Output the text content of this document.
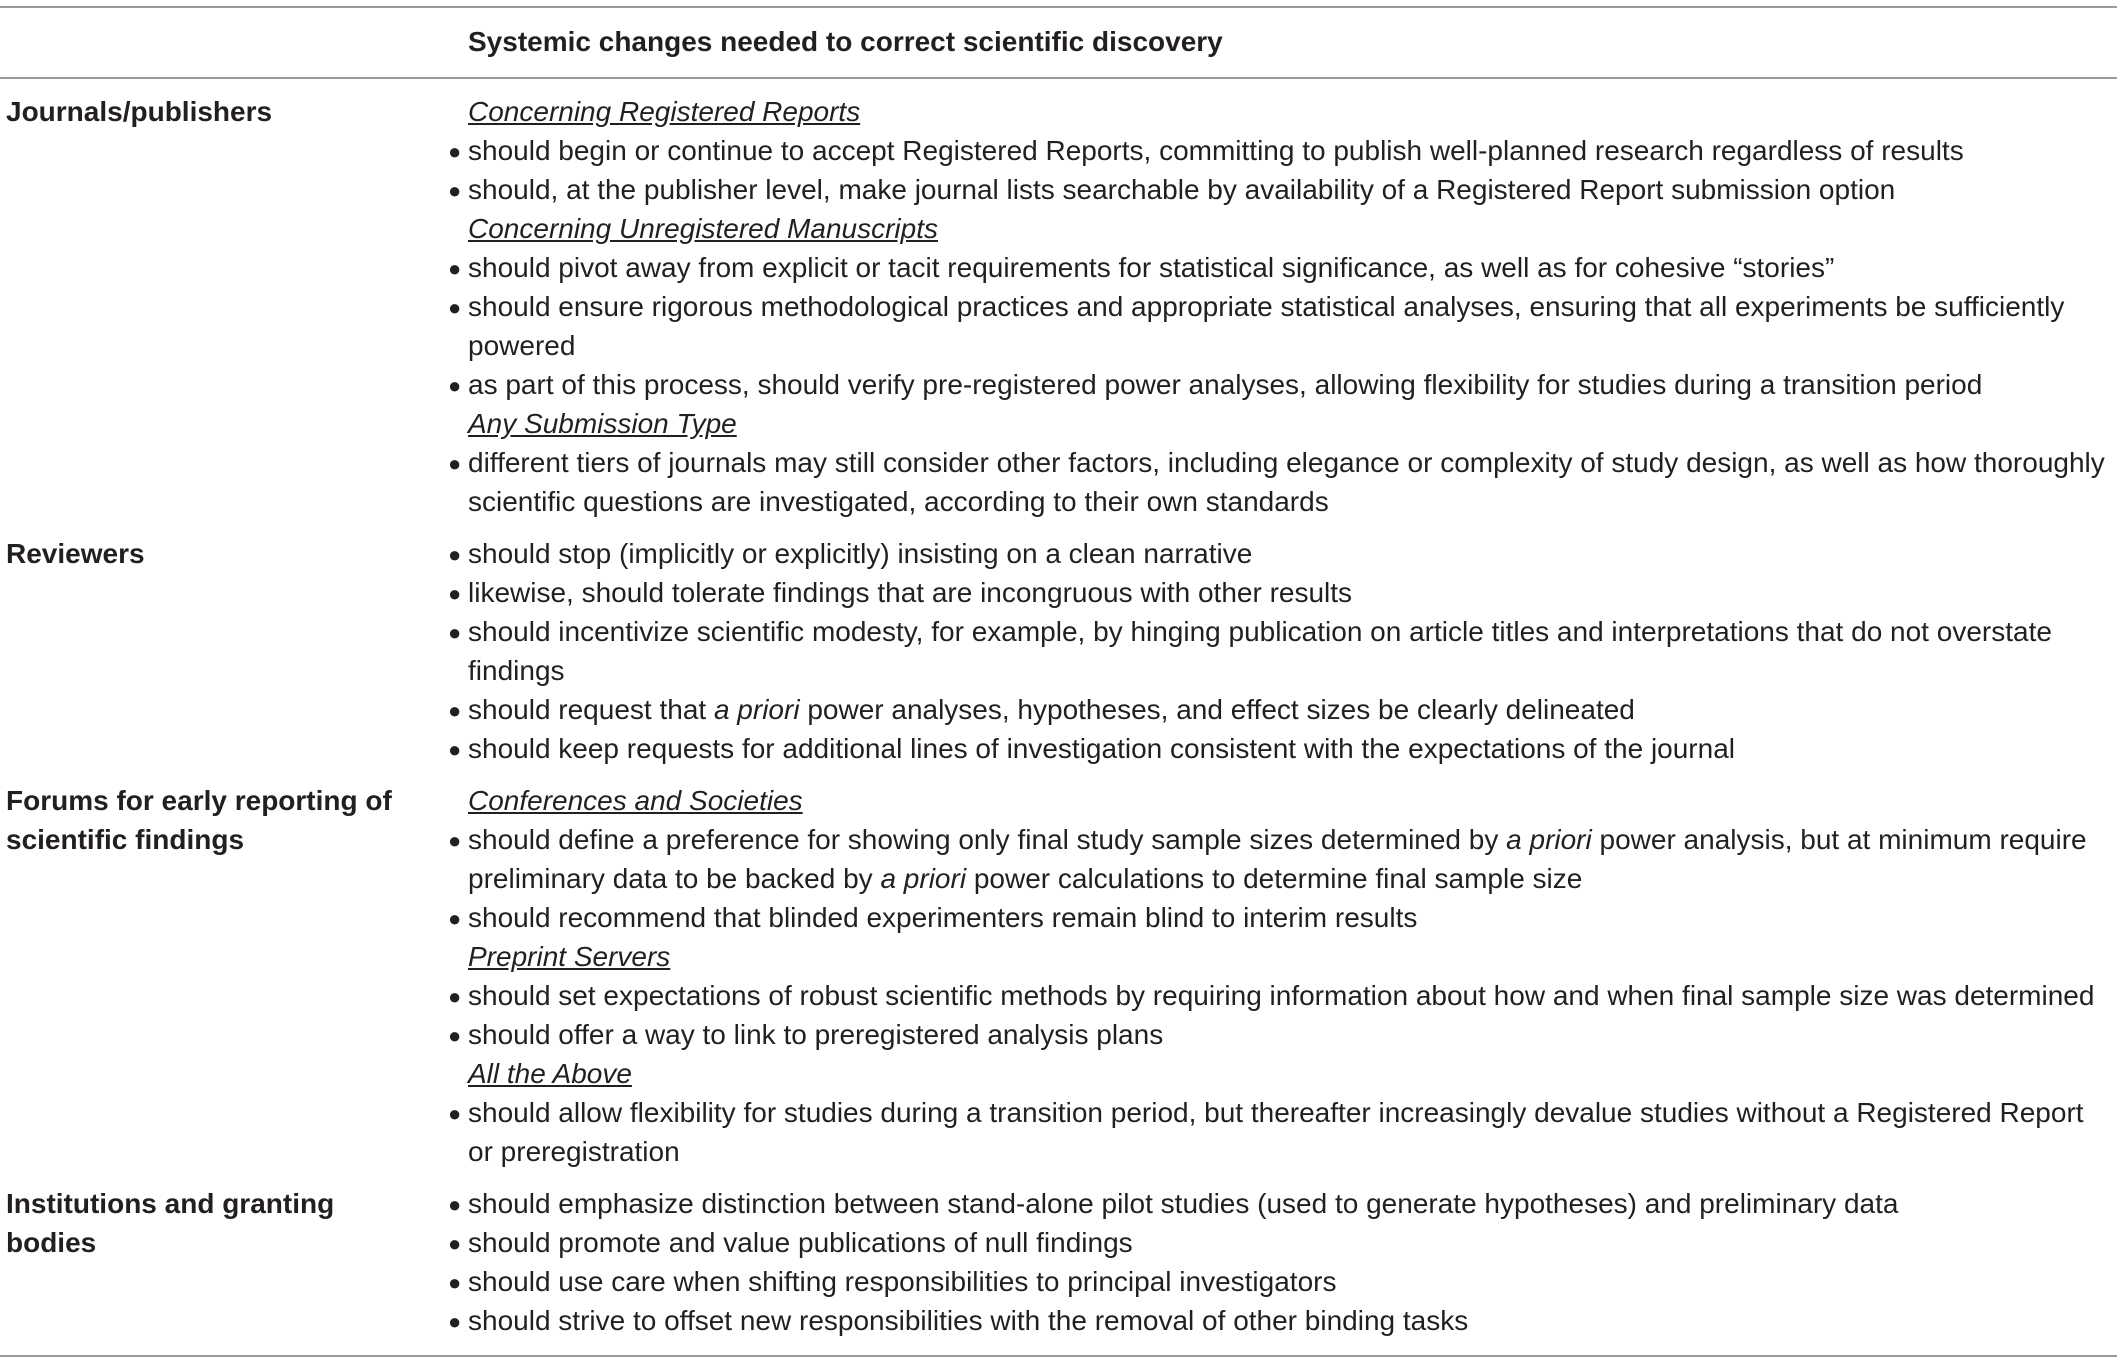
Systemic changes needed to correct scientific discovery
Journals/publishers	Concerning Registered Reports
● should begin or continue to accept Registered Reports, committing to publish well-planned research regardless of results
● should, at the publisher level, make journal lists searchable by availability of a Registered Report submission option
Concerning Unregistered Manuscripts
● should pivot away from explicit or tacit requirements for statistical significance, as well as for cohesive “stories”
● should ensure rigorous methodological practices and appropriate statistical analyses, ensuring that all experiments be sufficiently powered
● as part of this process, should verify pre-registered power analyses, allowing flexibility for studies during a transition period
Any Submission Type
● different tiers of journals may still consider other factors, including elegance or complexity of study design, as well as how thoroughly scientific questions are investigated, according to their own standards
Reviewers	● should stop (implicitly or explicitly) insisting on a clean narrative
● likewise, should tolerate findings that are incongruous with other results
● should incentivize scientific modesty, for example, by hinging publication on article titles and interpretations that do not overstate findings
● should request that a priori power analyses, hypotheses, and effect sizes be clearly delineated
● should keep requests for additional lines of investigation consistent with the expectations of the journal
Forums for early reporting of scientific findings
Conferences and Societies
● should define a preference for showing only final study sample sizes determined by a priori power analysis, but at minimum require preliminary data to be backed by a priori power calculations to determine final sample size
● should recommend that blinded experimenters remain blind to interim results
Preprint Servers
● should set expectations of robust scientific methods by requiring information about how and when final sample size was determined
● should offer a way to link to preregistered analysis plans
All the Above
● should allow flexibility for studies during a transition period, but thereafter increasingly devalue studies without a Registered Report or preregistration
Institutions and granting bodies
● should emphasize distinction between stand-alone pilot studies (used to generate hypotheses) and preliminary data
● should promote and value publications of null findings
● should use care when shifting responsibilities to principal investigators
● should strive to offset new responsibilities with the removal of other binding tasks
